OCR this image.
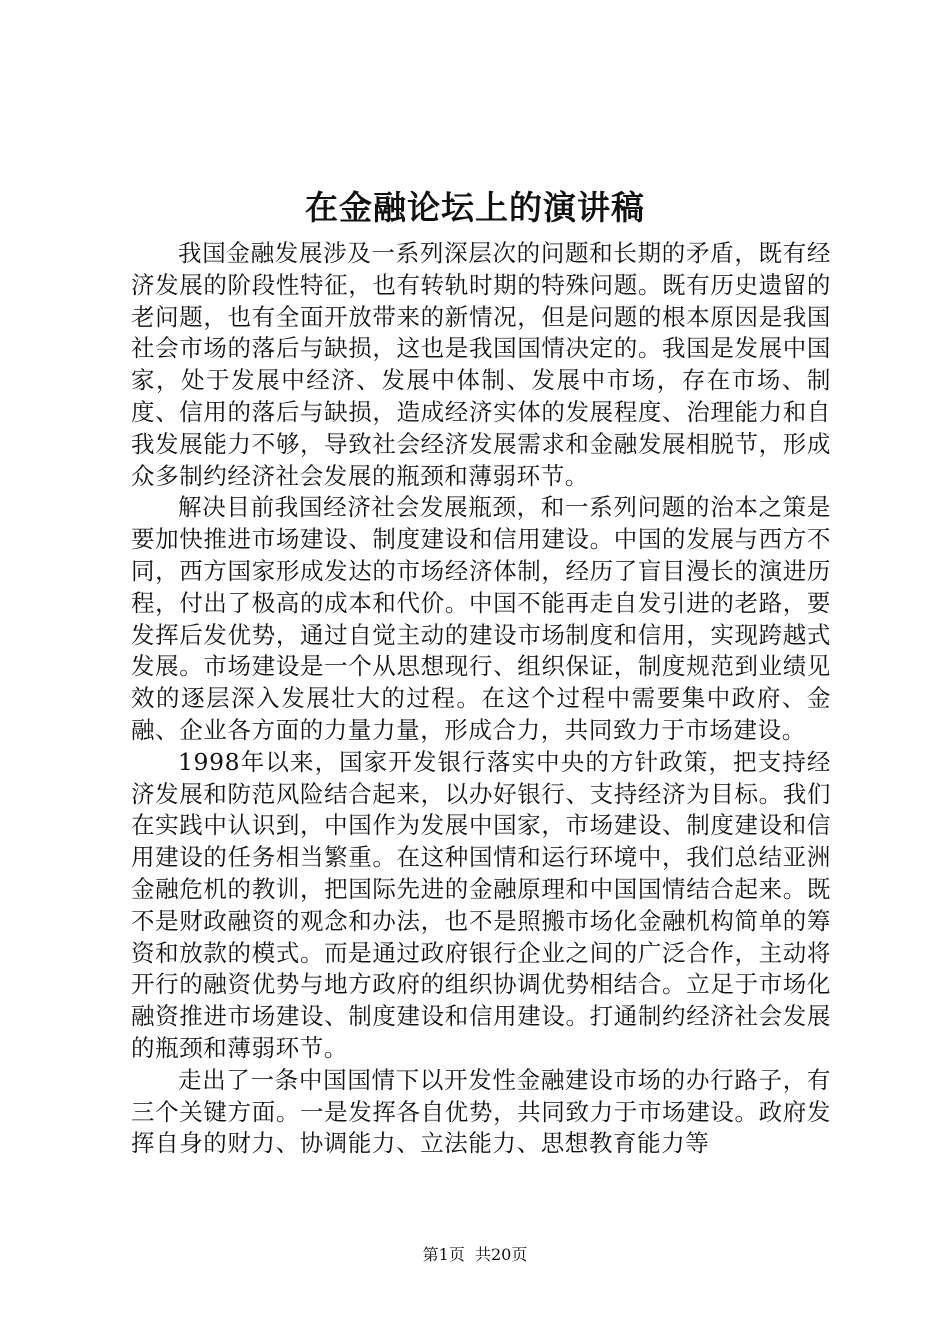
在金融论坛上的演讲稿

我国金融发展涉及一系列深层次的问题和长期的矛盾，既有经济发展的阶段性特征，也有转轨时期的特殊问题。既有历史遗留的老问题，也有全面开放带来的新情况，但是问题的根本原因是我国社会市场的落后与缺损，这也是我国国情决定的。我国是发展中国家，处于发展中经济、发展中体制、发展中市场，存在市场、制度、信用的落后与缺损，造成经济实体的发展程度、治理能力和自我发展能力不够，导致社会经济发展需求和金融发展相脱节，形成众多制约经济社会发展的瓶颈和薄弱环节。

解决目前我国经济社会发展瓶颈，和一系列问题的治本之策是要加快推进市场建设、制度建设和信用建设。中国的发展与西方不同，西方国家形成发达的市场经济体制，经历了盲目漫长的演进历程，付出了极高的成本和代价。中国不能再走自发引进的老路，要发挥后发优势，通过自觉主动的建设市场制度和信用，实现跨越式发展。市场建设是一个从思想现行、组织保证，制度规范到业绩见效的逐层深入发展壮大的过程。在这个过程中需要集中政府、金融、企业各方面的力量力量，形成合力，共同致力于市场建设。

1998年以来，国家开发银行落实中央的方针政策，把支持经济发展和防范风险结合起来，以办好银行、支持经济为目标。我们在实践中认识到，中国作为发展中国家，市场建设、制度建设和信用建设的任务相当繁重。在这种国情和运行环境中，我们总结亚洲金融危机的教训，把国际先进的金融原理和中国国情结合起来。既不是财政融资的观念和办法，也不是照搬市场化金融机构简单的筹资和放款的模式。而是通过政府银行企业之间的广泛合作，主动将开行的融资优势与地方政府的组织协调优势相结合。立足于市场化融资推进市场建设、制度建设和信用建设。打通制约经济社会发展的瓶颈和薄弱环节。

走出了一条中国国情下以开发性金融建设市场的办行路子，有三个关键方面。一是发挥各自优势，共同致力于市场建设。政府发挥自身的财力、协调能力、立法能力、思想教育能力等

第1页  共20页
